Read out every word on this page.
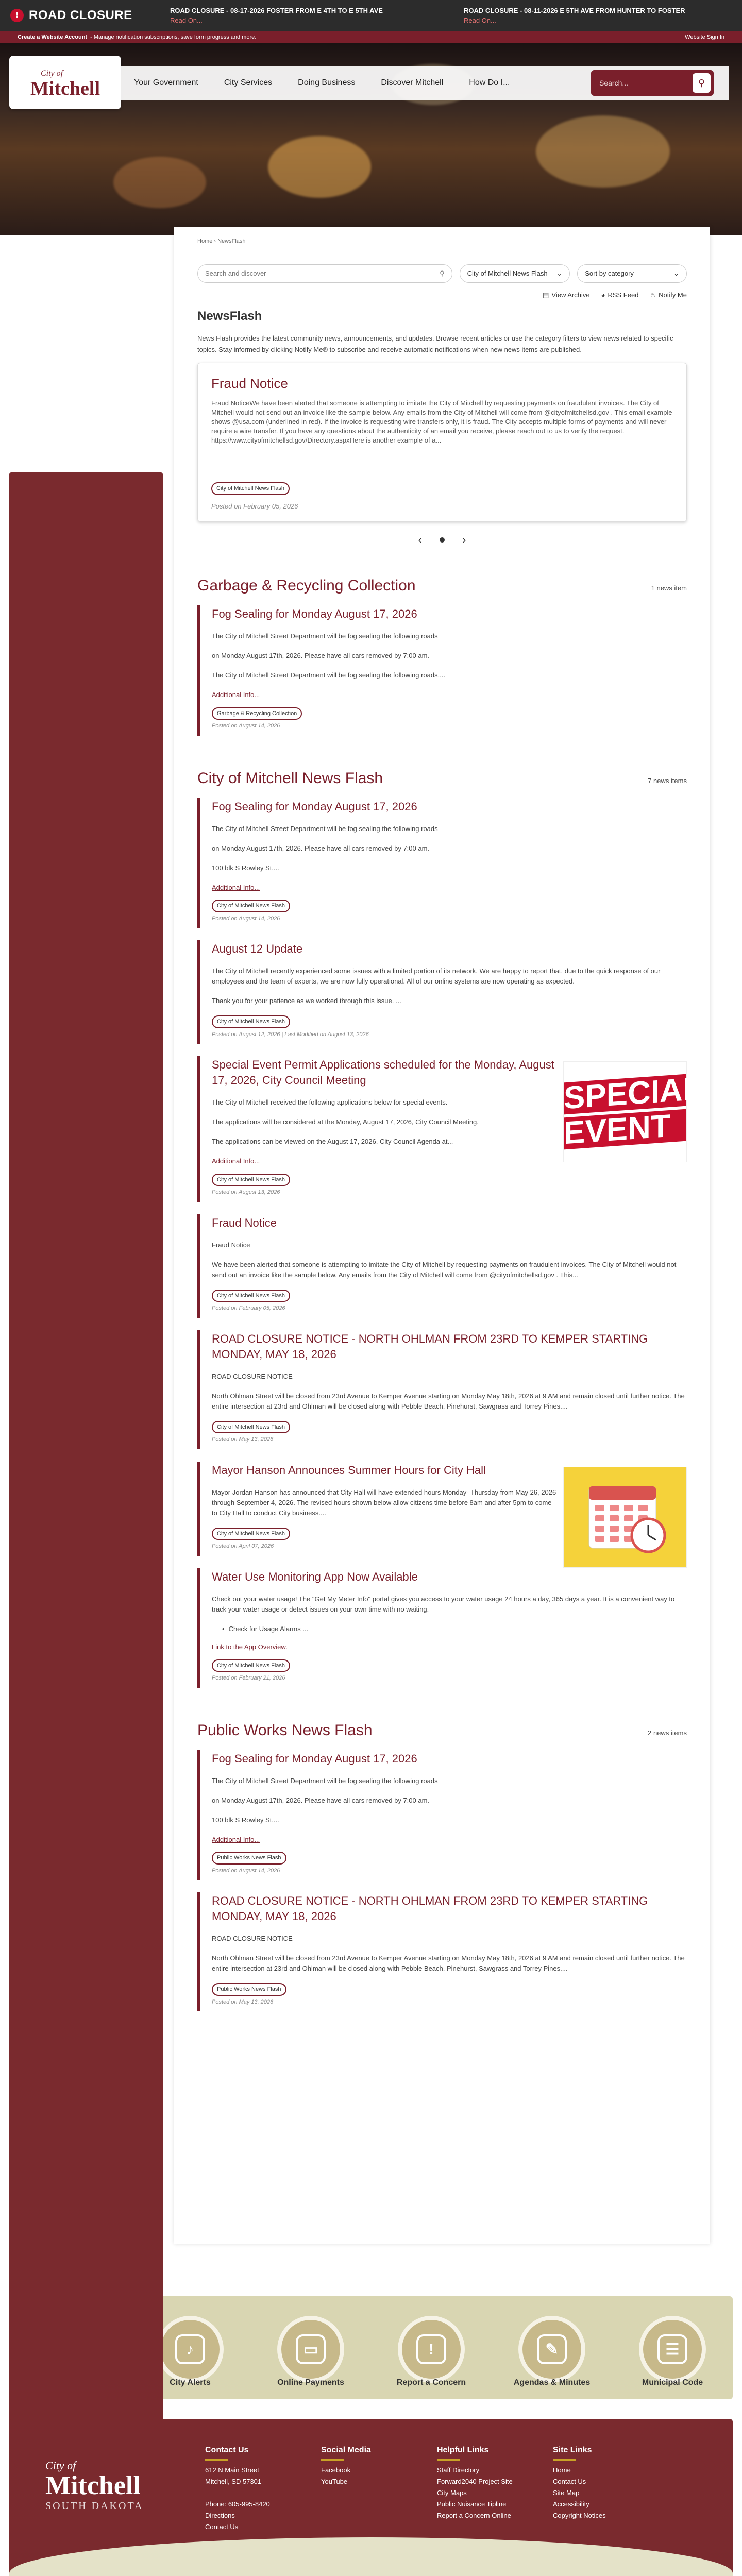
! ROAD CLOSURE	ROAD CLOSURE - 08-17-2026 FOSTER FROM E 4TH TO E 5TH AVE
Read On...
ROAD CLOSURE - 08-11-2026 E 5TH AVE FROM HUNTER TO FOSTER
Read On...
Create a Website Account - Manage notification subscriptions, save form progress and more.	Website Sign In
City of
Mitchell	Your Government	City Services	Doing Business	Discover Mitchell	How Do I...
Search...	⚲
Home › NewsFlash
Search and discover	⚲	City of Mitchell News Flash ⌄	Sort by category	⌄
▤ View Archive ◕ RSS Feed ♨ Notify Me
NewsFlash

News Flash provides the latest community news, announcements, and updates. Browse recent articles or use the category filters to view news related to specific topics. Stay informed by clicking Notify Me® to subscribe and receive automatic notifications when new news items are published.

Fraud Notice

Fraud NoticeWe have been alerted that someone is attempting to imitate the City of Mitchell by requesting payments on fraudulent invoices. The City of Mitchell would not send out an invoice like the sample below. Any emails from the City of Mitchell will come from @cityofmitchellsd.gov . This email example shows @usa.com (underlined in red). If the invoice is requesting wire transfers only, it is fraud. The City accepts multiple forms of payments and will never require a wire transfer. If you have any questions about the authenticity of an email you receive, please reach out to us to verify the request. https://www.cityofmitchellsd.gov/Directory.aspxHere is another example of a...

City of Mitchell News Flash
Posted on February 05, 2026
‹	›
Garbage & Recycling Collection	1 news item
Fog Sealing for Monday August 17, 2026

The City of Mitchell Street Department will be fog sealing the following roads

on Monday August 17th, 2026. Please have all cars removed by 7:00 am.

The City of Mitchell Street Department will be fog sealing the following roads....

Additional Info...
Garbage & Recycling Collection
Posted on August 14, 2026
City of Mitchell News Flash	7 news items
Fog Sealing for Monday August 17, 2026

The City of Mitchell Street Department will be fog sealing the following roads

on Monday August 17th, 2026. Please have all cars removed by 7:00 am.

100 blk S Rowley St....

Additional Info...
City of Mitchell News Flash
Posted on August 14, 2026
August 12 Update

The City of Mitchell recently experienced some issues with a limited portion of its network. We are happy to report that, due to the quick response of our employees and the team of experts, we are now fully operational. All of our online systems are now operating as expected.

Thank you for your patience as we worked through this issue. ...

City of Mitchell News Flash
Posted on August 12, 2026 | Last Modified on August 13, 2026
Special Event Permit Applications scheduled for the Monday, August 17, 2026, City Council Meeting

The City of Mitchell received the following applications below for special events.

The applications will be considered at the Monday, August 17, 2026, City Council Meeting.

The applications can be viewed on the August 17, 2026, City Council Agenda at...

Additional Info...
City of Mitchell News Flash
Posted on August 13, 2026
SPECIAL
EVENT
Fraud Notice

Fraud Notice

We have been alerted that someone is attempting to imitate the City of Mitchell by requesting payments on fraudulent invoices. The City of Mitchell would not send out an invoice like the sample below. Any emails from the City of Mitchell will come from @cityofmitchellsd.gov . This...

City of Mitchell News Flash
Posted on February 05, 2026
ROAD CLOSURE NOTICE - NORTH OHLMAN FROM 23RD TO KEMPER STARTING MONDAY, MAY 18, 2026

ROAD CLOSURE NOTICE

North Ohlman Street will be closed from 23rd Avenue to Kemper Avenue starting on Monday May 18th, 2026 at 9 AM and remain closed until further notice. The entire intersection at 23rd and Ohlman will be closed along with Pebble Beach, Pinehurst, Sawgrass and Torrey Pines....

City of Mitchell News Flash
Posted on May 13, 2026
Mayor Hanson Announces Summer Hours for City Hall

Mayor Jordan Hanson has announced that City Hall will have extended hours Monday- Thursday from May 26, 2026 through September 4, 2026. The revised hours shown below allow citizens time before 8am and after 5pm to come to City Hall to conduct City business....

City of Mitchell News Flash
Posted on April 07, 2026
Water Use Monitoring App Now Available

Check out your water usage! The "Get My Meter Info" portal gives you access to your water usage 24 hours a day, 365 days a year. It is a convenient way to track your water usage or detect issues on your own time with no waiting.

• Check for Usage Alarms ...
Link to the App Overview.
City of Mitchell News Flash
Posted on February 21, 2026
Public Works News Flash	2 news items
Fog Sealing for Monday August 17, 2026

The City of Mitchell Street Department will be fog sealing the following roads

on Monday August 17th, 2026. Please have all cars removed by 7:00 am.

100 blk S Rowley St....

Additional Info...
Public Works News Flash
Posted on August 14, 2026
ROAD CLOSURE NOTICE - NORTH OHLMAN FROM 23RD TO KEMPER STARTING MONDAY, MAY 18, 2026

ROAD CLOSURE NOTICE

North Ohlman Street will be closed from 23rd Avenue to Kemper Avenue starting on Monday May 18th, 2026 at 9 AM and remain closed until further notice. The entire intersection at 23rd and Ohlman will be closed along with Pebble Beach, Pinehurst, Sawgrass and Torrey Pines....

Public Works News Flash
Posted on May 13, 2026
♪
City Alerts
▭
Online Payments
!
Report a Concern
✎
Agendas & Minutes
☰
Municipal Code
City of
Mitchell
SOUTH DAKOTA
Contact Us
612 N Main Street
Mitchell, SD 57301

Phone: 605-995-8420
Directions
Contact Us
Social Media
Facebook
YouTube
Helpful Links
Staff Directory
Forward2040 Project Site
City Maps
Public Nuisance Tipline
Report a Concern Online
Site Links
Home
Contact Us
Site Map
Accessibility
Copyright Notices
